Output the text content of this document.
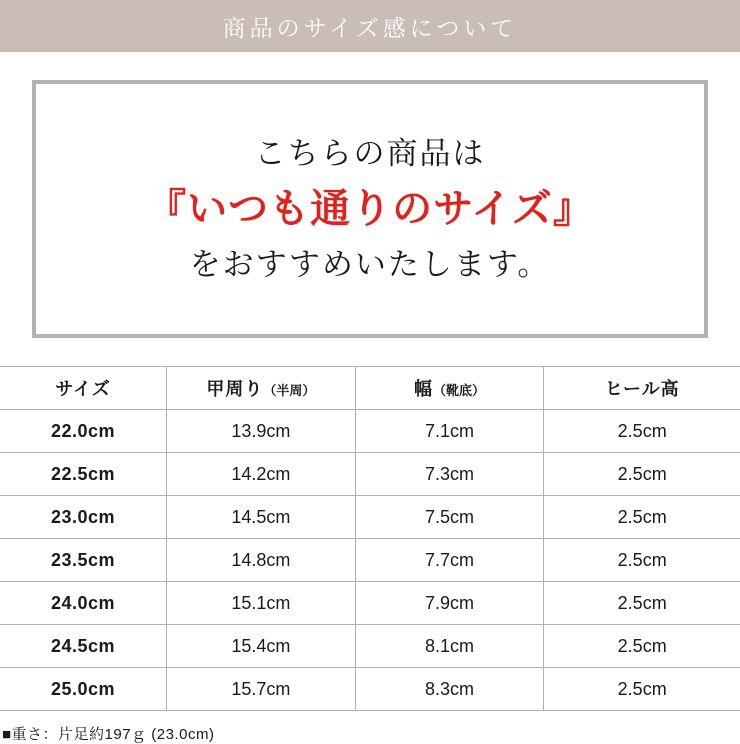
商品のサイズ感について
こちらの商品は
『いつも通りのサイズ』
をおすすめいたします。
サイズ	甲周り（半周）	幅（靴底）	ヒール高
22.0cm	13.9cm	7.1cm	2.5cm
22.5cm	14.2cm	7.3cm	2.5cm
23.0cm	14.5cm	7.5cm	2.5cm
23.5cm	14.8cm	7.7cm	2.5cm
24.0cm	15.1cm	7.9cm	2.5cm
24.5cm	15.4cm	8.1cm	2.5cm
25.0cm	15.7cm	8.3cm	2.5cm
■重さ：片足約197ｇ (23.0cm)
